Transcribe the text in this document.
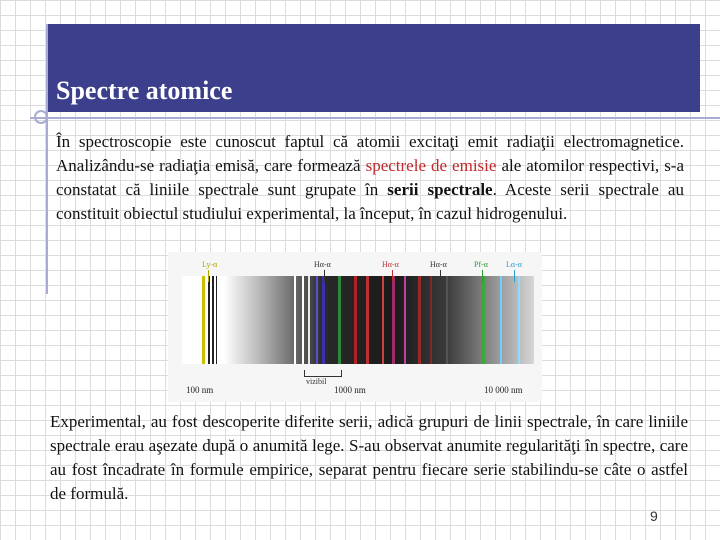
Spectre atomice
În spectroscopie este cunoscut faptul că atomii excitaţi emit radiaţii electromagnetice. Analizându-se radiaţia emisă, care formează spectrele de emisie ale atomilor respectivi, s-a constatat că liniile spectrale sunt grupate în serii spectrale. Aceste serii spectrale au constituit obiectul studiului experimental, la început, în cazul hidrogenului.
Ly-α	Hα-α	Hα-α	Hα-α	Pf-α Lα-α
vizibil
100 nm	1000 nm	10 000 nm
Experimental, au fost descoperite diferite serii, adică grupuri de linii spectrale, în care liniile spectrale erau aşezate după o anumită lege. S-au observat anumite regularităţi în spectre, care au fost încadrate în formule empirice, separat pentru fiecare serie stabilindu-se câte o astfel de formulă.
9
